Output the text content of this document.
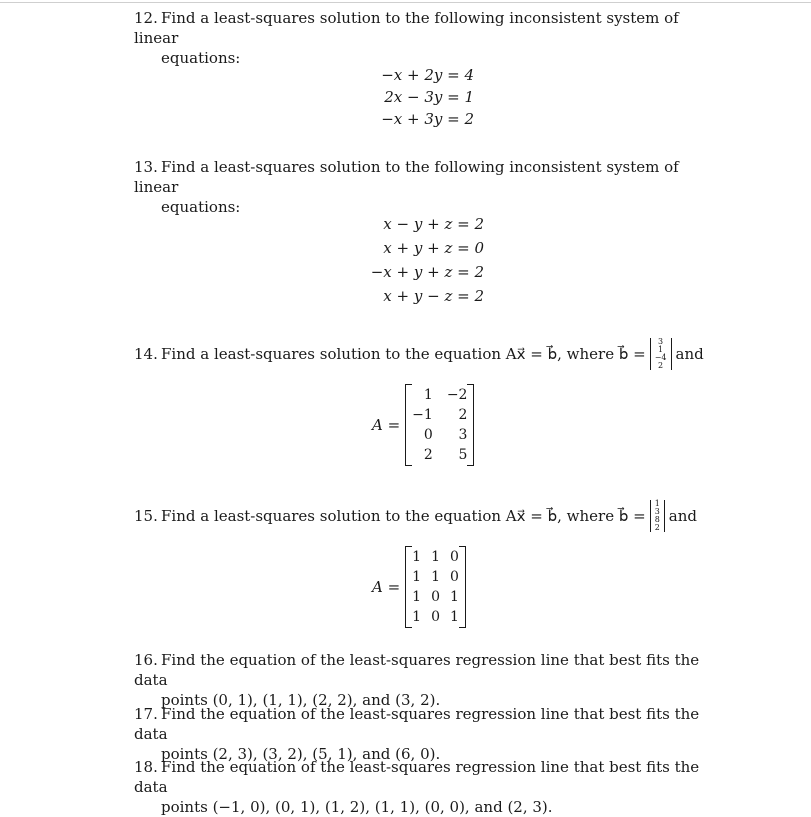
12. Find a least-squares solution to the following inconsistent system of linear
equations:
−x + 2y = 4
2x − 3y = 1
−x + 3y = 2
13. Find a least-squares solution to the following inconsistent system of linear
equations:
x − y + z = 2
x + y + z = 0
−x + y + z = 2
x + y − z = 2
14. Find a least-squares solution to the equation Ax⃗ = b⃗, where b⃗ =
3
1
−4
2
and
A =
1 −2
−1	2
0	3
2	5
15. Find a least-squares solution to the equation Ax⃗ = b⃗, where b⃗ =
1
3
8
2
and
A =
1 1 0
1 1 0
1 0 1
1 0 1
16. Find the equation of the least-squares regression line that best fits the data
points (0, 1), (1, 1), (2, 2), and (3, 2).
17. Find the equation of the least-squares regression line that best fits the data
points (2, 3), (3, 2), (5, 1), and (6, 0).
18. Find the equation of the least-squares regression line that best fits the data
points (−1, 0), (0, 1), (1, 2), (1, 1), (0, 0), and (2, 3).
